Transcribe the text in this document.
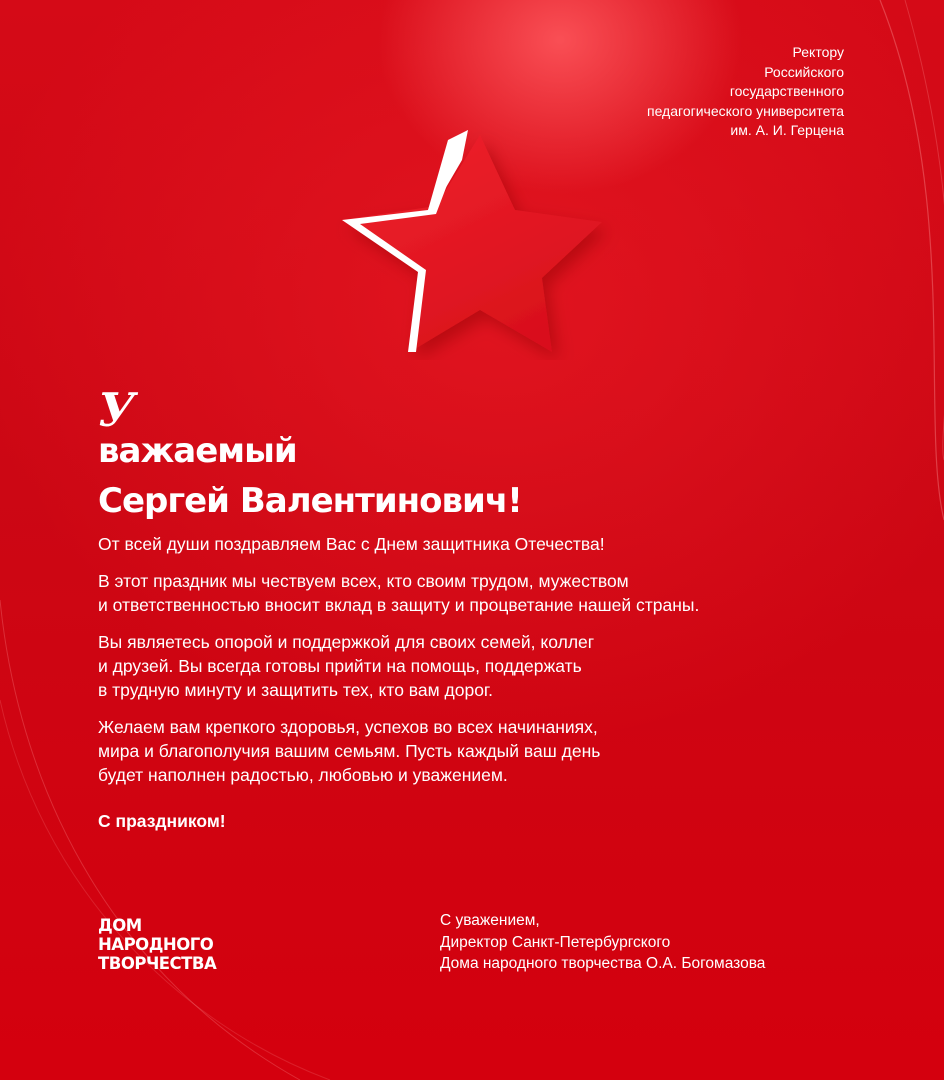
Ректору
Российского
государственного
педагогического университета
им. А. И. Герцена
У
важаемый
Сергей Валентинович!

От всей души поздравляем Вас с Днем защитника Отечества!

В этот праздник мы чествуем всех, кто своим трудом, мужеством
и ответственностью вносит вклад в защиту и процветание нашей страны.

Вы являетесь опорой и поддержкой для своих семей, коллег
и друзей. Вы всегда готовы прийти на помощь, поддержать
в трудную минуту и защитить тех, кто вам дорог.

Желаем вам крепкого здоровья, успехов во всех начинаниях,
мира и благополучия вашим семьям. Пусть каждый ваш день
будет наполнен радостью, любовью и уважением.

С праздником!

ДОМ
НАРОДНОГО
ТВОРЧЕСТВА
С уважением,
Директор Санкт-Петербургского
Дома народного творчества О.А. Богомазова
